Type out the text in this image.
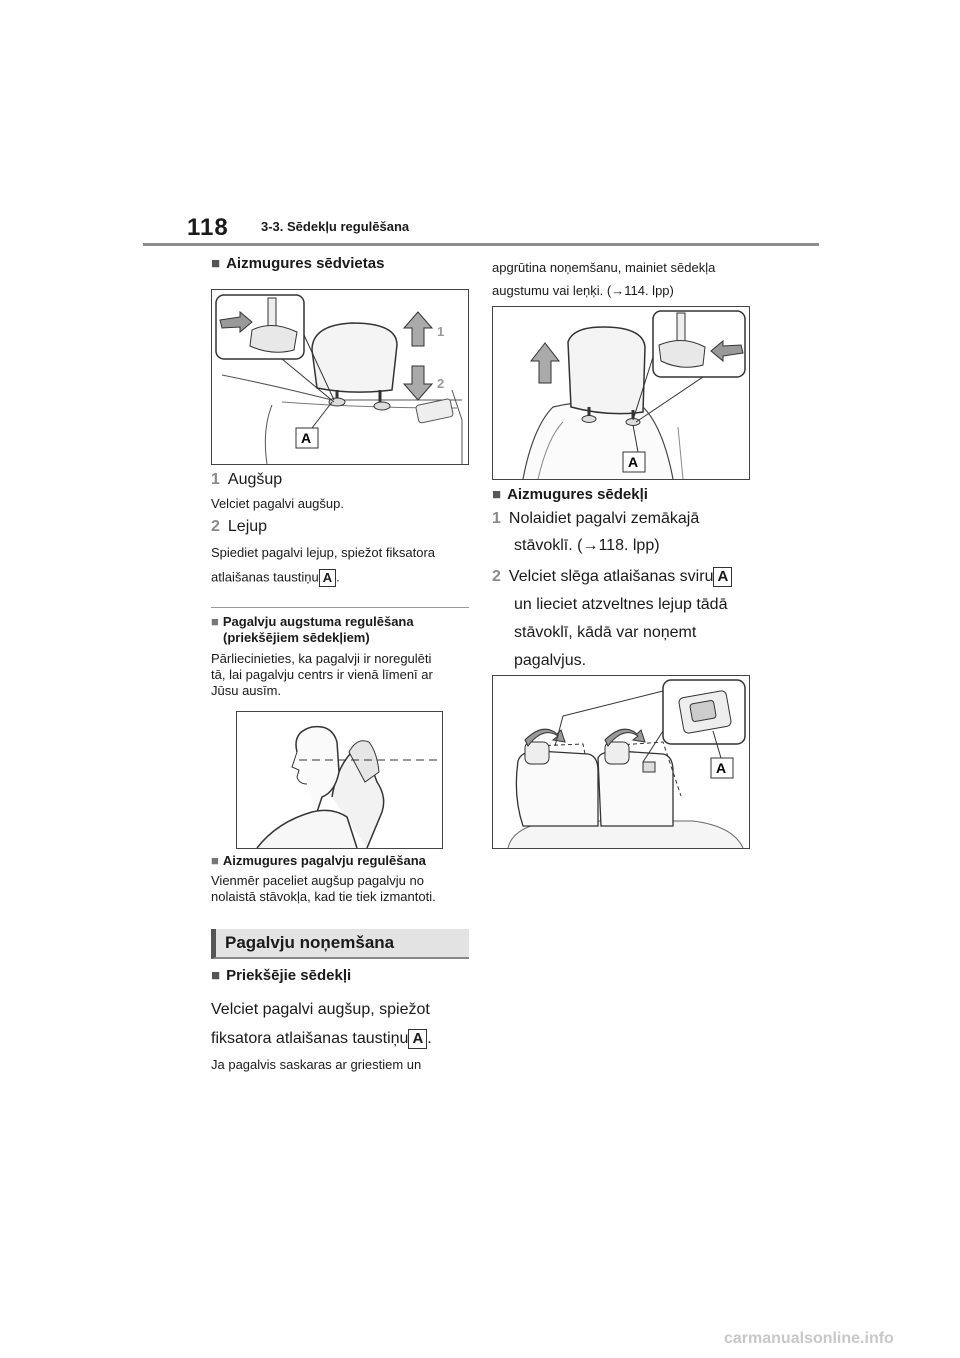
118 3-3. Sēdekļu regulēšana
■ Aizmugures sēdvietas
1
2
A
1 Augšup
Velciet pagalvi augšup.
2 Lejup
Spiediet pagalvi lejup, spiežot fiksatora
atlaišanas taustiņu A .
■ Pagalvju augstuma regulēšana
(priekšējiem sēdekļiem)
Pārliecinieties, ka pagalvji ir noregulēti
tā, lai pagalvju centrs ir vienā līmenī ar
Jūsu ausīm.
■ Aizmugures pagalvju regulēšana
Vienmēr paceliet augšup pagalvju no
nolaistā stāvokļa, kad tie tiek izmantoti.
Pagalvju noņemšana
■ Priekšējie sēdekļi
Velciet pagalvi augšup, spiežot
fiksatora atlaišanas taustiņu A .
Ja pagalvis saskaras ar griestiem un
apgrūtina noņemšanu, mainiet sēdekļa
augstumu vai leņķi. (→114. lpp)
A
■ Aizmugures sēdekļi
1 Nolaidiet pagalvi zemākajā
stāvoklī. (→118. lpp)
2 Velciet slēga atlaišanas sviru A
un lieciet atzveltnes lejup tādā
stāvoklī, kādā var noņemt
pagalvjus.
A
carmanualsonline.info
